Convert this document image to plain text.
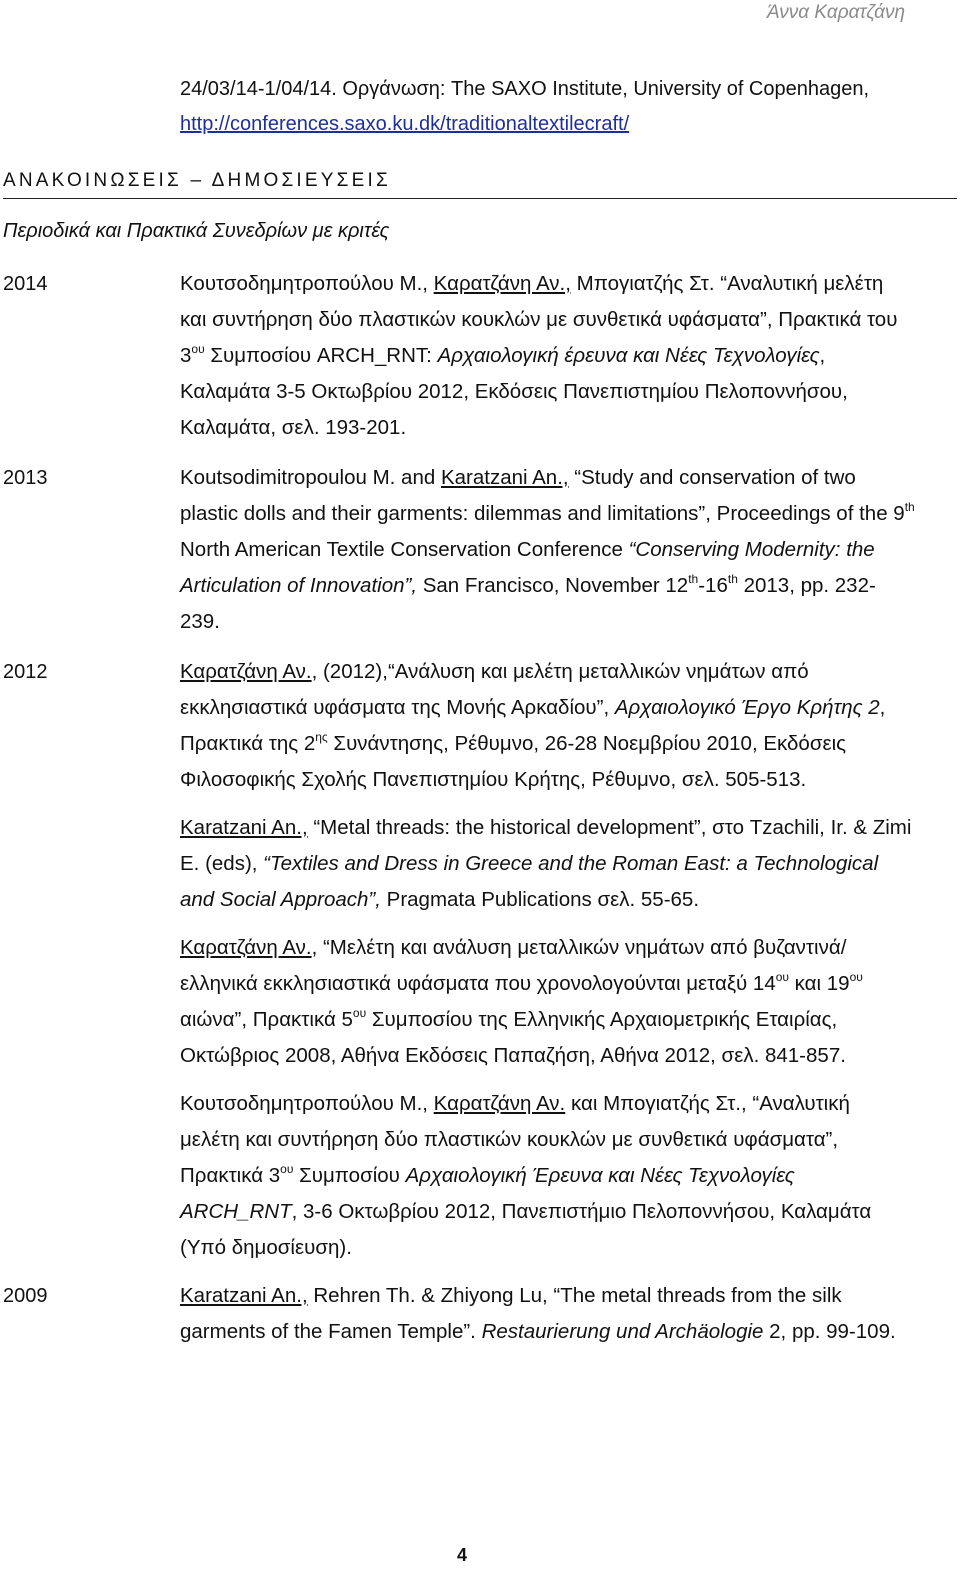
Άννα Καρατζάνη
24/03/14-1/04/14. Οργάνωση: The SAXO Institute, University of Copenhagen, http://conferences.saxo.ku.dk/traditionaltextilecraft/
ΑΝΑΚΟΙΝΩΣΕΙΣ – ΔΗΜΟΣΙΕΥΣΕΙΣ
Περιοδικά και Πρακτικά Συνεδρίων με κριτές
2014	Κουτσοδημητροπούλου Μ., Καρατζάνη Αν., Μπογιατζής Στ. “Αναλυτική μελέτη και συντήρηση δύο πλαστικών κουκλών με συνθετικά υφάσματα”, Πρακτικά του $3^{o\upsilon}$ Συμποσίου ARCH_RNT: Αρχαιολογική έρευνα και Νέες Τεχνολογίες, Καλαμάτα 3-5 Οκτωβρίου 2012, Εκδόσεις Πανεπιστημίου Πελοποννήσου, Καλαμάτα, σελ. 193-201.
2013	Koutsodimitropoulou M. and Karatzani An., “Study and conservation of two plastic dolls and their garments: dilemmas and limitations”, Proceedings of the 9th North American Textile Conservation Conference “Conserving Modernity: the Articulation of Innovation”, San Francisco, November 12th-16th 2013, pp. 232-239.
2012	Καρατζάνη Αν., (2012),“Ανάλυση και μελέτη μεταλλικών νημάτων από εκκλησιαστικά υφάσματα της Μονής Αρκαδίου”, Αρχαιολογικό Έργο Κρήτης 2, Πρακτικά της $2^{\eta\varsigma}$ Συνάντησης, Ρέθυμνο, 26-28 Νοεμβρίου 2010, Εκδόσεις Φιλοσοφικής Σχολής Πανεπιστημίου Κρήτης, Ρέθυμνο, σελ. 505-513.
Karatzani An., “Metal threads: the historical development”, στο Tzachili, Ir. & Zimi E. (eds), “Textiles and Dress in Greece and the Roman East: a Technological and Social Approach”, Pragmata Publications σελ. 55-65.
Καρατζάνη Αν., “Μελέτη και ανάλυση μεταλλικών νημάτων από βυζαντινά/ ελληνικά εκκλησιαστικά υφάσματα που χρονολογούνται μεταξύ $14^{o\upsilon}$ και $19^{o\upsilon}$ αιώνα”, Πρακτικά $5^{o\upsilon}$ Συμποσίου της Ελληνικής Αρχαιομετρικής Εταιρίας, Οκτώβριος 2008, Αθήνα Εκδόσεις Παπαζήση, Αθήνα 2012, σελ. 841-857.
Κουτσοδημητροπούλου Μ., Καρατζάνη Αν. και Μπογιατζής Στ., “Αναλυτική μελέτη και συντήρηση δύο πλαστικών κουκλών με συνθετικά υφάσματα”, Πρακτικά $3^{o\upsilon}$ Συμποσίου Αρχαιολογική Έρευνα και Νέες Τεχνολογίες ARCH_RNT, 3-6 Οκτωβρίου 2012, Πανεπιστήμιο Πελοποννήσου, Καλαμάτα (Υπό δημοσίευση).
2009	Karatzani An., Rehren Th. & Zhiyong Lu, “The metal threads from the silk garments of the Famen Temple”. Restaurierung und Archäologie 2, pp. 99-109.
4
